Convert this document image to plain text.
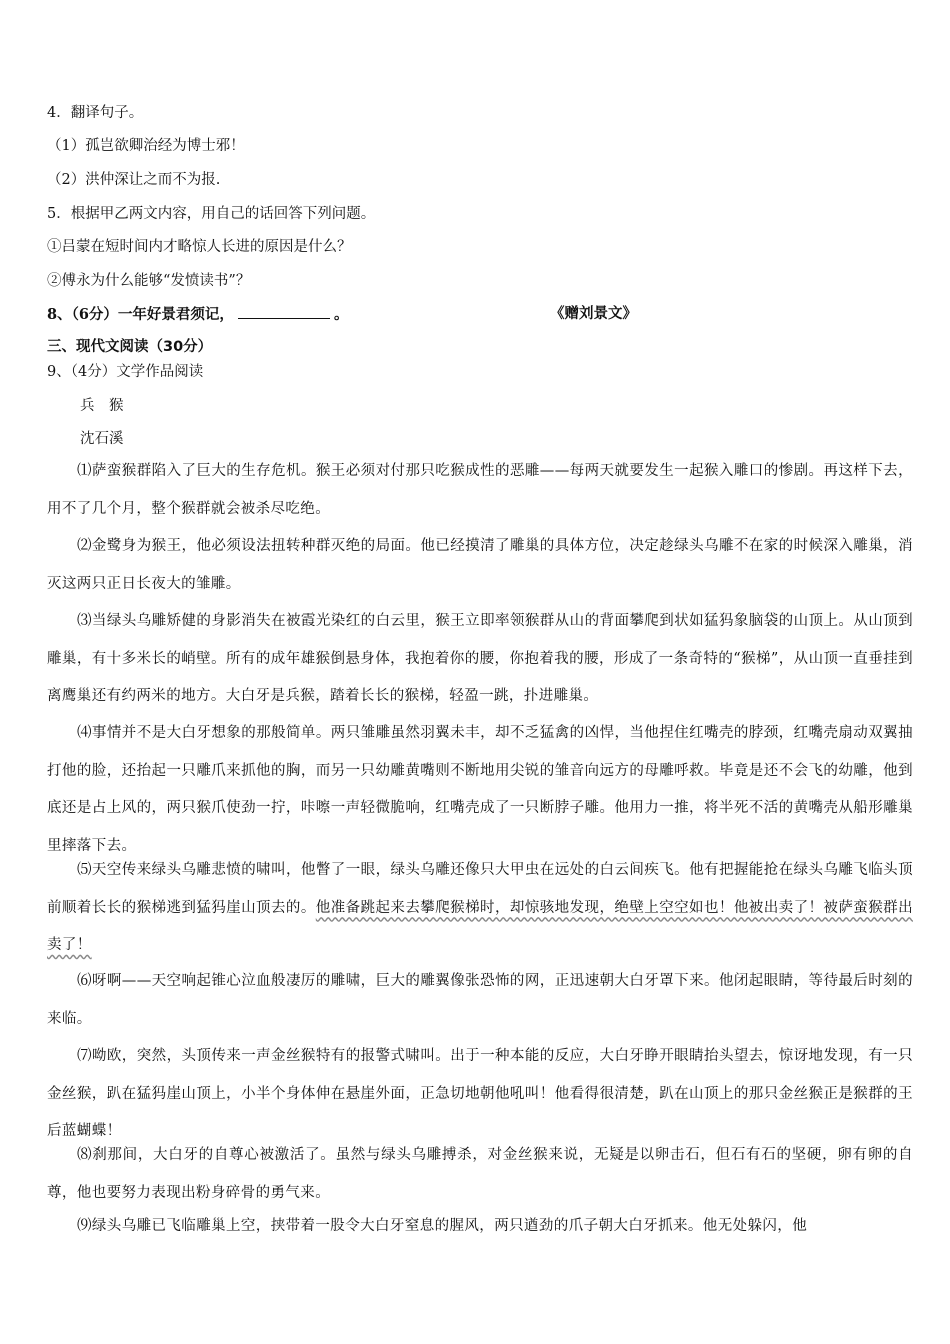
4．翻译句子。
（1）孤岂欲卿治经为博士邪！
（2）洪仲深让之而不为报.
5．根据甲乙两文内容，用自己的话回答下列问题。
①吕蒙在短时间内才略惊人长进的原因是什么？
②傅永为什么能够“发愤读书”？
8、（6分）一年好景君须记，	。	《赠刘景文》
三、现代文阅读（30分）
9、（4分）文学作品阅读
兵　猴
沈石溪
⑴萨蛮猴群陷入了巨大的生存危机。猴王必须对付那只吃猴成性的恶雕——每两天就要发生一起猴入雕口的惨剧。再这样下去，用不了几个月，整个猴群就会被杀尽吃绝。
⑵金鹭身为猴王，他必须设法扭转种群灭绝的局面。他已经摸清了雕巢的具体方位，决定趁绿头乌雕不在家的时候深入雕巢，消灭这两只正日长夜大的雏雕。
⑶当绿头乌雕矫健的身影消失在被霞光染红的白云里，猴王立即率领猴群从山的背面攀爬到状如猛犸象脑袋的山顶上。从山顶到雕巢，有十多米长的峭壁。所有的成年雄猴倒悬身体，我抱着你的腰，你抱着我的腰，形成了一条奇特的“猴梯”，从山顶一直垂挂到离鹰巢还有约两米的地方。大白牙是兵猴，踏着长长的猴梯，轻盈一跳，扑进雕巢。
⑷事情并不是大白牙想象的那般简单。两只雏雕虽然羽翼未丰，却不乏猛禽的凶悍，当他捏住红嘴壳的脖颈，红嘴壳扇动双翼抽打他的脸，还抬起一只雕爪来抓他的胸，而另一只幼雕黄嘴则不断地用尖锐的雏音向远方的母雕呼救。毕竟是还不会飞的幼雕，他到底还是占上风的，两只猴爪使劲一拧，咔嚓一声轻微脆响，红嘴壳成了一只断脖子雕。他用力一推，将半死不活的黄嘴壳从船形雕巢里摔落下去。
⑸天空传来绿头乌雕悲愤的啸叫，他瞥了一眼，绿头乌雕还像只大甲虫在远处的白云间疾飞。他有把握能抢在绿头乌雕飞临头顶前顺着长长的猴梯逃到猛犸崖山顶去的。他准备跳起来去攀爬猴梯时，却惊骇地发现，绝壁上空空如也！他被出卖了！被萨蛮猴群出卖了！
⑹呀啊——天空响起锥心泣血般凄厉的雕啸，巨大的雕翼像张恐怖的网，正迅速朝大白牙罩下来。他闭起眼睛，等待最后时刻的来临。
⑺呦欧，突然，头顶传来一声金丝猴特有的报警式啸叫。出于一种本能的反应，大白牙睁开眼睛抬头望去，惊讶地发现，有一只金丝猴，趴在猛犸崖山顶上，小半个身体伸在悬崖外面，正急切地朝他吼叫！他看得很清楚，趴在山顶上的那只金丝猴正是猴群的王后蓝蝴蝶！
⑻刹那间，大白牙的自尊心被激活了。虽然与绿头乌雕搏杀，对金丝猴来说，无疑是以卵击石，但石有石的坚硬，卵有卵的自尊，他也要努力表现出粉身碎骨的勇气来。
⑼绿头乌雕已飞临雕巢上空，挟带着一股令大白牙窒息的腥风，两只遒劲的爪子朝大白牙抓来。他无处躲闪，他
